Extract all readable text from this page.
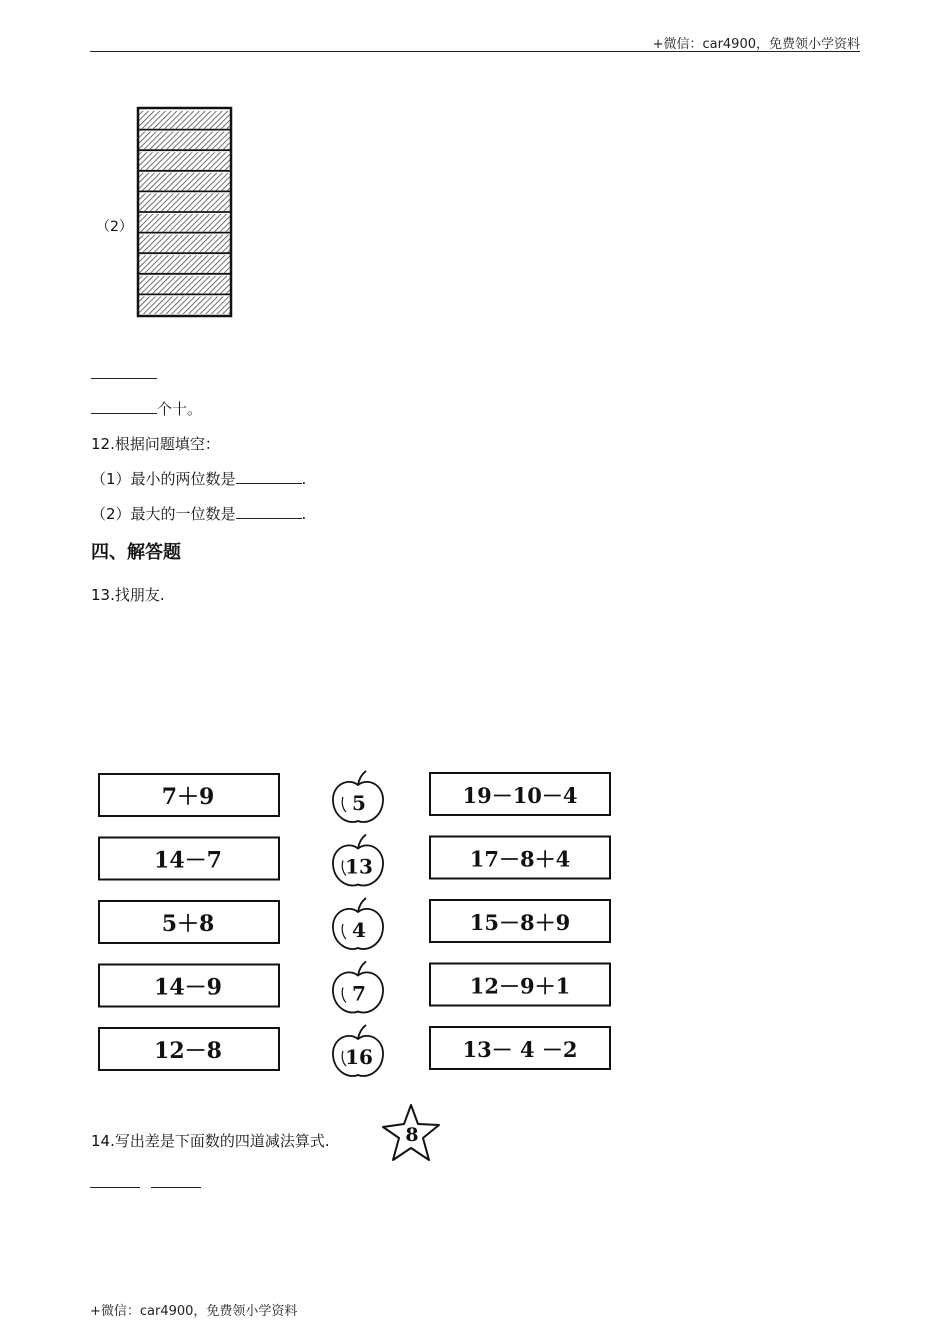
+微信：car4900，免费领小学资料
（2）
个十。
12.根据问题填空：
（1）最小的两位数是	.
（2）最大的一位数是	.
四、解答题
13.找朋友.
7＋9	5	19－10－4
14－7	13	17－8＋4
5＋8	4	15－8＋9
14－9	7	12－9＋1
12－8	16	13－ 4 －2
14.写出差是下面数的四道减法算式.	8
+微信：car4900，免费领小学资料
